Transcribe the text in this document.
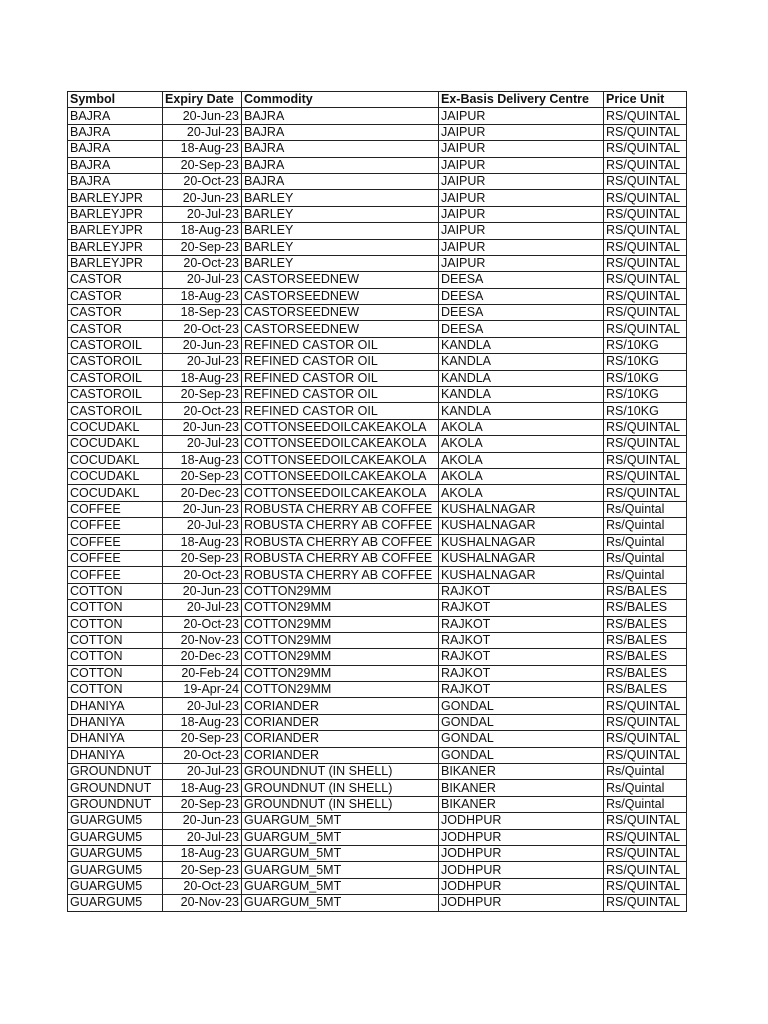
Symbol	Expiry Date	Commodity	Ex-Basis Delivery Centre	Price Unit
BAJRA	20-Jun-23	BAJRA	JAIPUR	RS/QUINTAL
BAJRA	20-Jul-23	BAJRA	JAIPUR	RS/QUINTAL
BAJRA	18-Aug-23	BAJRA	JAIPUR	RS/QUINTAL
BAJRA	20-Sep-23	BAJRA	JAIPUR	RS/QUINTAL
BAJRA	20-Oct-23	BAJRA	JAIPUR	RS/QUINTAL
BARLEYJPR	20-Jun-23	BARLEY	JAIPUR	RS/QUINTAL
BARLEYJPR	20-Jul-23	BARLEY	JAIPUR	RS/QUINTAL
BARLEYJPR	18-Aug-23	BARLEY	JAIPUR	RS/QUINTAL
BARLEYJPR	20-Sep-23	BARLEY	JAIPUR	RS/QUINTAL
BARLEYJPR	20-Oct-23	BARLEY	JAIPUR	RS/QUINTAL
CASTOR	20-Jul-23	CASTORSEEDNEW	DEESA	RS/QUINTAL
CASTOR	18-Aug-23	CASTORSEEDNEW	DEESA	RS/QUINTAL
CASTOR	18-Sep-23	CASTORSEEDNEW	DEESA	RS/QUINTAL
CASTOR	20-Oct-23	CASTORSEEDNEW	DEESA	RS/QUINTAL
CASTOROIL	20-Jun-23	REFINED CASTOR OIL	KANDLA	RS/10KG
CASTOROIL	20-Jul-23	REFINED CASTOR OIL	KANDLA	RS/10KG
CASTOROIL	18-Aug-23	REFINED CASTOR OIL	KANDLA	RS/10KG
CASTOROIL	20-Sep-23	REFINED CASTOR OIL	KANDLA	RS/10KG
CASTOROIL	20-Oct-23	REFINED CASTOR OIL	KANDLA	RS/10KG
COCUDAKL	20-Jun-23	COTTONSEEDOILCAKEAKOLA	AKOLA	RS/QUINTAL
COCUDAKL	20-Jul-23	COTTONSEEDOILCAKEAKOLA	AKOLA	RS/QUINTAL
COCUDAKL	18-Aug-23	COTTONSEEDOILCAKEAKOLA	AKOLA	RS/QUINTAL
COCUDAKL	20-Sep-23	COTTONSEEDOILCAKEAKOLA	AKOLA	RS/QUINTAL
COCUDAKL	20-Dec-23	COTTONSEEDOILCAKEAKOLA	AKOLA	RS/QUINTAL
COFFEE	20-Jun-23	ROBUSTA CHERRY AB COFFEE	KUSHALNAGAR	Rs/Quintal
COFFEE	20-Jul-23	ROBUSTA CHERRY AB COFFEE	KUSHALNAGAR	Rs/Quintal
COFFEE	18-Aug-23	ROBUSTA CHERRY AB COFFEE	KUSHALNAGAR	Rs/Quintal
COFFEE	20-Sep-23	ROBUSTA CHERRY AB COFFEE	KUSHALNAGAR	Rs/Quintal
COFFEE	20-Oct-23	ROBUSTA CHERRY AB COFFEE	KUSHALNAGAR	Rs/Quintal
COTTON	20-Jun-23	COTTON29MM	RAJKOT	RS/BALES
COTTON	20-Jul-23	COTTON29MM	RAJKOT	RS/BALES
COTTON	20-Oct-23	COTTON29MM	RAJKOT	RS/BALES
COTTON	20-Nov-23	COTTON29MM	RAJKOT	RS/BALES
COTTON	20-Dec-23	COTTON29MM	RAJKOT	RS/BALES
COTTON	20-Feb-24	COTTON29MM	RAJKOT	RS/BALES
COTTON	19-Apr-24	COTTON29MM	RAJKOT	RS/BALES
DHANIYA	20-Jul-23	CORIANDER	GONDAL	RS/QUINTAL
DHANIYA	18-Aug-23	CORIANDER	GONDAL	RS/QUINTAL
DHANIYA	20-Sep-23	CORIANDER	GONDAL	RS/QUINTAL
DHANIYA	20-Oct-23	CORIANDER	GONDAL	RS/QUINTAL
GROUNDNUT	20-Jul-23	GROUNDNUT (IN SHELL)	BIKANER	Rs/Quintal
GROUNDNUT	18-Aug-23	GROUNDNUT (IN SHELL)	BIKANER	Rs/Quintal
GROUNDNUT	20-Sep-23	GROUNDNUT (IN SHELL)	BIKANER	Rs/Quintal
GUARGUM5	20-Jun-23	GUARGUM_5MT	JODHPUR	RS/QUINTAL
GUARGUM5	20-Jul-23	GUARGUM_5MT	JODHPUR	RS/QUINTAL
GUARGUM5	18-Aug-23	GUARGUM_5MT	JODHPUR	RS/QUINTAL
GUARGUM5	20-Sep-23	GUARGUM_5MT	JODHPUR	RS/QUINTAL
GUARGUM5	20-Oct-23	GUARGUM_5MT	JODHPUR	RS/QUINTAL
GUARGUM5	20-Nov-23	GUARGUM_5MT	JODHPUR	RS/QUINTAL
